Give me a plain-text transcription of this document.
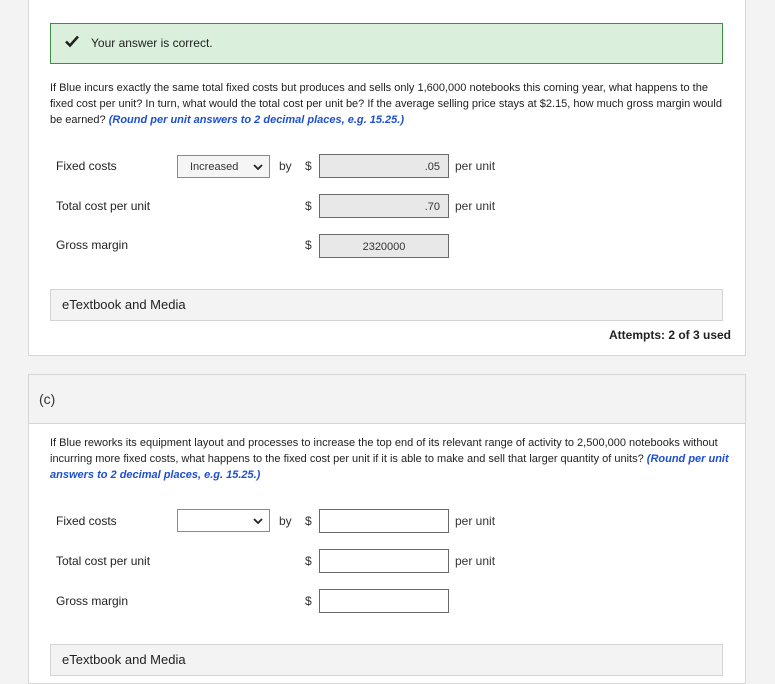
Your answer is correct.
If Blue incurs exactly the same total fixed costs but produces and sells only 1,600,000 notebooks this coming year, what happens to the fixed cost per unit? In turn, what would the total cost per unit be? If the average selling price stays at $2.15, how much gross margin would be earned? (Round per unit answers to 2 decimal places, e.g. 15.25.)
Fixed costs	Increased	by $	.05	per unit
Total cost per unit	$	.70	per unit
Gross margin	$	2320000
eTextbook and Media
Attempts: 2 of 3 used
(c)
If Blue reworks its equipment layout and processes to increase the top end of its relevant range of activity to 2,500,000 notebooks without incurring more fixed costs, what happens to the fixed cost per unit if it is able to make and sell that larger quantity of units? (Round per unit answers to 2 decimal places, e.g. 15.25.)
Fixed costs	by $	per unit
Total cost per unit	$	per unit
Gross margin	$
eTextbook and Media
